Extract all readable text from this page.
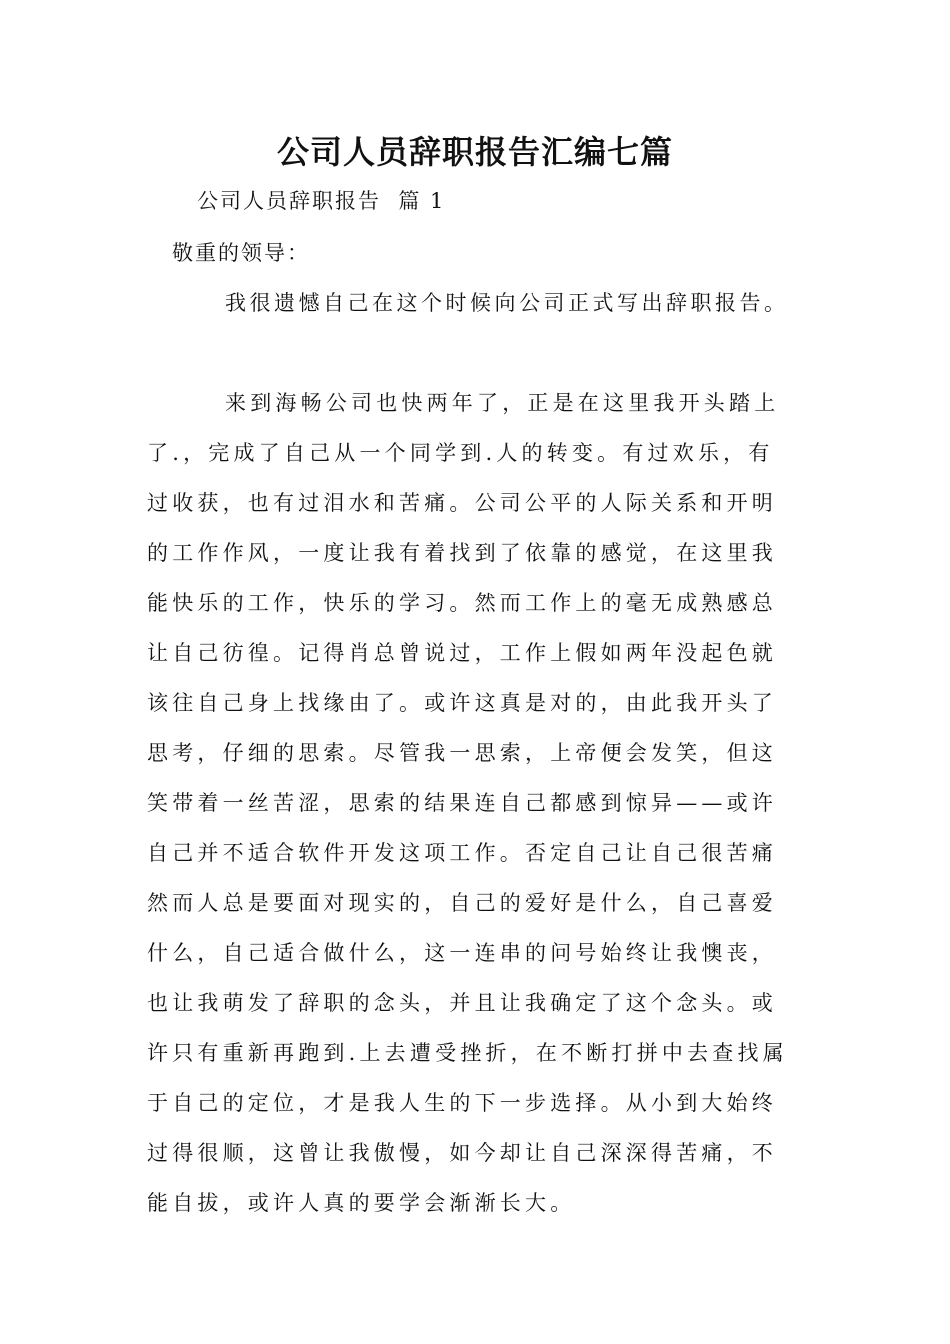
公司人员辞职报告汇编七篇
公司人员辞职报告  篇 1
敬重的领导：
我很遗憾自己在这个时候向公司正式写出辞职报告。
来到海畅公司也快两年了，正是在这里我开头踏上
了.，完成了自己从一个同学到.人的转变。有过欢乐，有
过收获，也有过泪水和苦痛。公司公平的人际关系和开明
的工作作风，一度让我有着找到了依靠的感觉，在这里我
能快乐的工作，快乐的学习。然而工作上的毫无成熟感总
让自己彷徨。记得肖总曾说过，工作上假如两年没起色就
该往自己身上找缘由了。或许这真是对的，由此我开头了
思考，仔细的思索。尽管我一思索，上帝便会发笑，但这
笑带着一丝苦涩，思索的结果连自己都感到惊异——或许
自己并不适合软件开发这项工作。否定自己让自己很苦痛
然而人总是要面对现实的，自己的爱好是什么，自己喜爱
什么，自己适合做什么，这一连串的问号始终让我懊丧，
也让我萌发了辞职的念头，并且让我确定了这个念头。或
许只有重新再跑到.上去遭受挫折，在不断打拼中去查找属
于自己的定位，才是我人生的下一步选择。从小到大始终
过得很顺，这曾让我傲慢，如今却让自己深深得苦痛，不
能自拔，或许人真的要学会渐渐长大。
